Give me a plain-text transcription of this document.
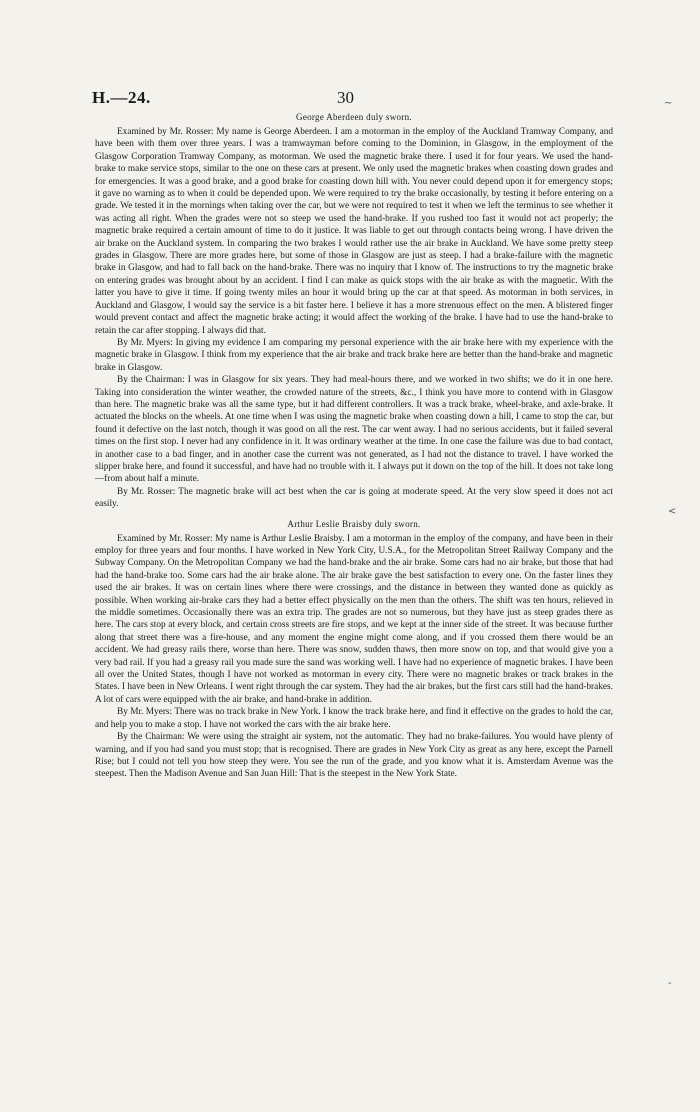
H.—24.	30	~
<
-
George Aberdeen duly sworn.

Examined by Mr. Rosser: My name is George Aberdeen. I am a motorman in the employ of the Auckland Tramway Company, and have been with them over three years. I was a tramwayman before coming to the Dominion, in Glasgow, in the employment of the Glasgow Corporation Tramway Company, as motorman. We used the magnetic brake there. I used it for four years. We used the hand-brake to make service stops, similar to the one on these cars at present. We only used the magnetic brakes when coasting down grades and for emergencies. It was a good brake, and a good brake for coasting down hill with. You never could depend upon it for emergency stops; it gave no warning as to when it could be depended upon. We were required to try the brake occasionally, by testing it before entering on a grade. We tested it in the mornings when taking over the car, but we were not required to test it when we left the terminus to see whether it was acting all right. When the grades were not so steep we used the hand-brake. If you rushed too fast it would not act properly; the magnetic brake required a certain amount of time to do it justice. It was liable to get out through contacts being wrong. I have driven the air brake on the Auckland system. In comparing the two brakes I would rather use the air brake in Auckland. We have some pretty steep grades in Glasgow. There are more grades here, but some of those in Glasgow are just as steep. I had a brake-failure with the magnetic brake in Glasgow, and had to fall back on the hand-brake. There was no inquiry that I know of. The instructions to try the magnetic brake on entering grades was brought about by an accident. I find I can make as quick stops with the air brake as with the magnetic. With the latter you have to give it time. If going twenty miles an hour it would bring up the car at that speed. As motorman in both services, in Auckland and Glasgow, I would say the service is a bit faster here. I believe it has a more strenuous effect on the men. A blistered finger would prevent contact and affect the magnetic brake acting; it would affect the working of the brake. I have had to use the hand-brake to retain the car after stopping. I always did that.

By Mr. Myers: In giving my evidence I am comparing my personal experience with the air brake here with my experience with the magnetic brake in Glasgow. I think from my experience that the air brake and track brake here are better than the hand-brake and magnetic brake in Glasgow.

By the Chairman: I was in Glasgow for six years. They had meal-hours there, and we worked in two shifts; we do it in one here. Taking into consideration the winter weather, the crowded nature of the streets, &c., I think you have more to contend with in Glasgow than here. The magnetic brake was all the same type, but it had different controllers. It was a track brake, wheel-brake, and axle-brake. It actuated the blocks on the wheels. At one time when I was using the magnetic brake when coasting down a hill, I came to stop the car, but found it defective on the last notch, though it was good on all the rest. The car went away. I had no serious accidents, but it failed several times on the first stop. I never had any confidence in it. It was ordinary weather at the time. In one case the failure was due to bad contact, in another case to a bad finger, and in another case the current was not generated, as I had not the distance to travel. I have worked the slipper brake here, and found it successful, and have had no trouble with it. I always put it down on the top of the hill. It does not take long—from about half a minute.

By Mr. Rosser: The magnetic brake will act best when the car is going at moderate speed. At the very slow speed it does not act easily.

Arthur Leslie Braisby duly sworn.

Examined by Mr. Rosser: My name is Arthur Leslie Braisby. I am a motorman in the employ of the company, and have been in their employ for three years and four months. I have worked in New York City, U.S.A., for the Metropolitan Street Railway Company and the Subway Company. On the Metropolitan Company we had the hand-brake and the air brake. Some cars had no air brake, but those that had had the hand-brake too. Some cars had the air brake alone. The air brake gave the best satisfaction to every one. On the faster lines they used the air brakes. It was on certain lines where there were crossings, and the distance in between they wanted done as quickly as possible. When working air-brake cars they had a better effect physically on the men than the others. The shift was ten hours, relieved in the middle sometimes. Occasionally there was an extra trip. The grades are not so numerous, but they have just as steep grades there as here. The cars stop at every block, and certain cross streets are fire stops, and we kept at the inner side of the street. It was because further along that street there was a fire-house, and any moment the engine might come along, and if you crossed them there would be an accident. We had greasy rails there, worse than here. There was snow, sudden thaws, then more snow on top, and that would give you a very bad rail. If you had a greasy rail you made sure the sand was working well. I have had no experience of magnetic brakes. I have been all over the United States, though I have not worked as motorman in every city. There were no magnetic brakes or track brakes in the States. I have been in New Orleans. I went right through the car system. They had the air brakes, but the first cars still had the hand-brakes. A lot of cars were equipped with the air brake, and hand-brake in addition.

By Mr. Myers: There was no track brake in New York. I know the track brake here, and find it effective on the grades to hold the car, and help you to make a stop. I have not worked the cars with the air brake here.

By the Chairman: We were using the straight air system, not the automatic. They had no brake-failures. You would have plenty of warning, and if you had sand you must stop; that is recognised. There are grades in New York City as great as any here, except the Parnell Rise; but I could not tell you how steep they were. You see the run of the grade, and you know what it is. Amsterdam Avenue was the steepest. Then the Madison Avenue and San Juan Hill: That is the steepest in the New York State.
